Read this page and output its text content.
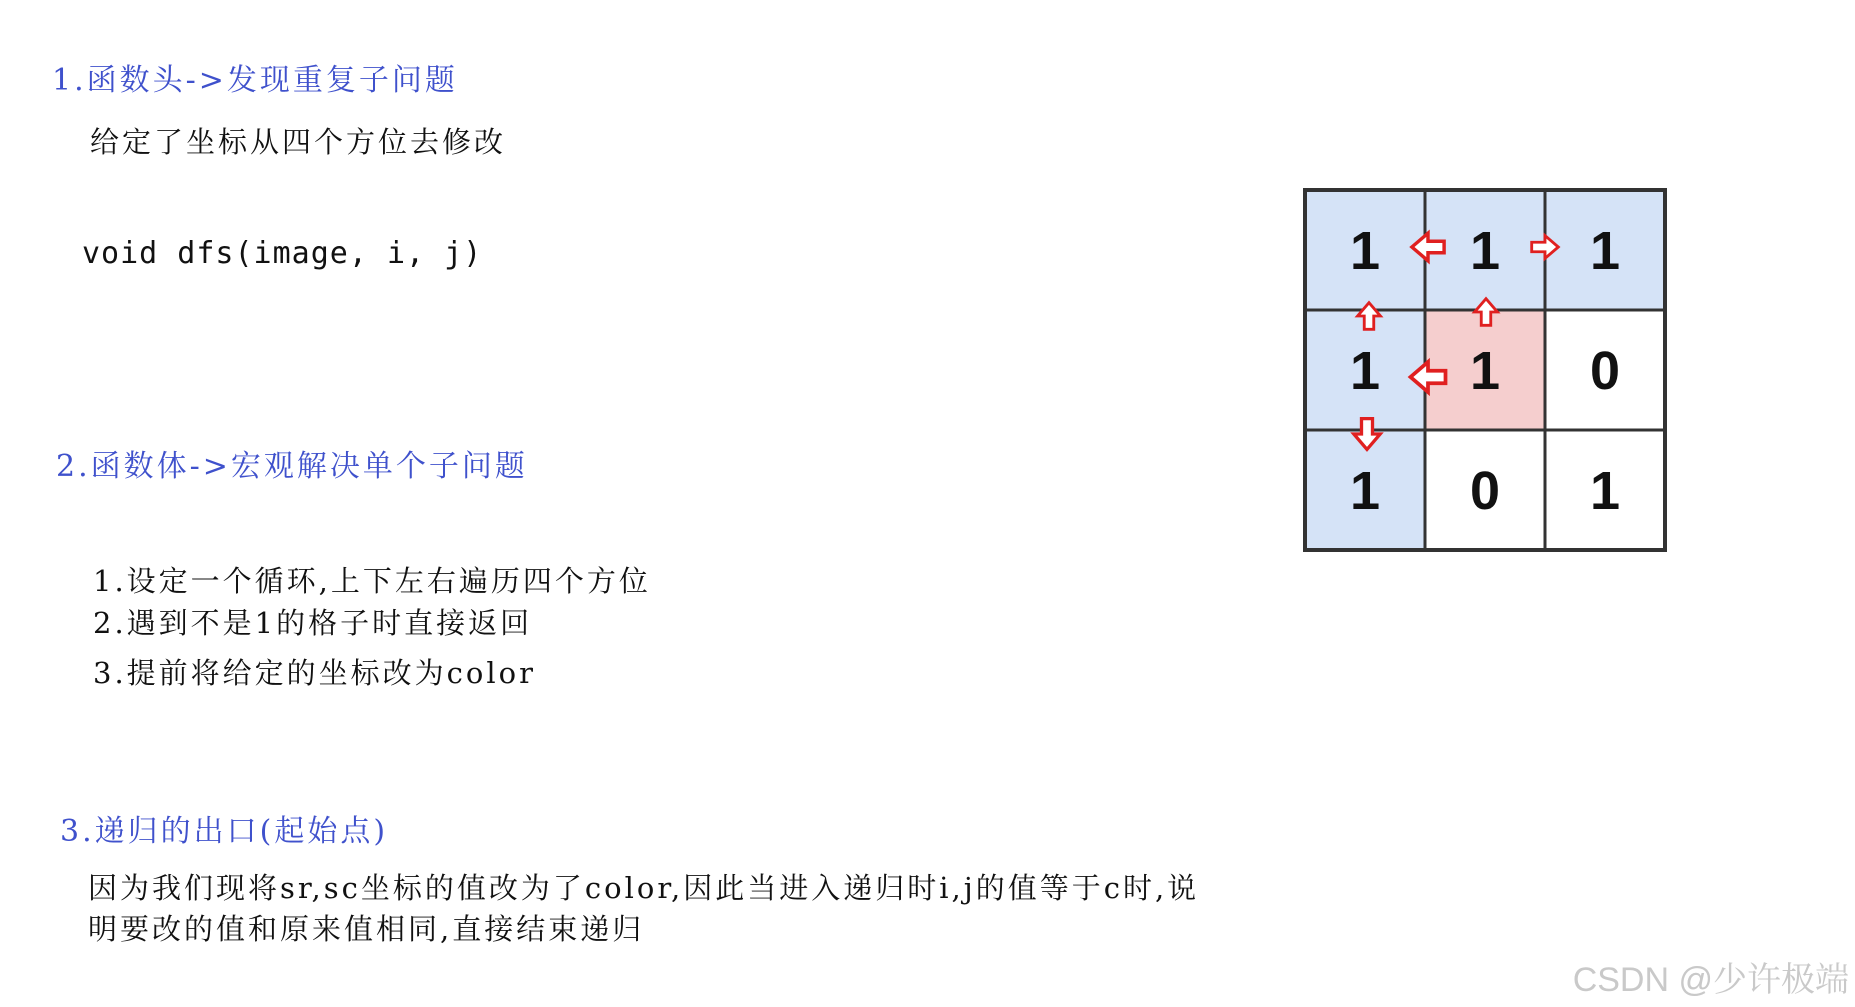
1.函数头->发现重复子问题
给定了坐标从四个方位去修改
void dfs(image, i, j)
2.函数体->宏观解决单个子问题
1.设定一个循环,上下左右遍历四个方位
2.遇到不是1的格子时直接返回
3.提前将给定的坐标改为color
3.递归的出口(起始点)
因为我们现将sr,sc坐标的值改为了color,因此当进入递归时i,j的值等于c时,说
明要改的值和原来值相同,直接结束递归
1 1 1
1 1 0
1 0 1
CSDN @少许极端
